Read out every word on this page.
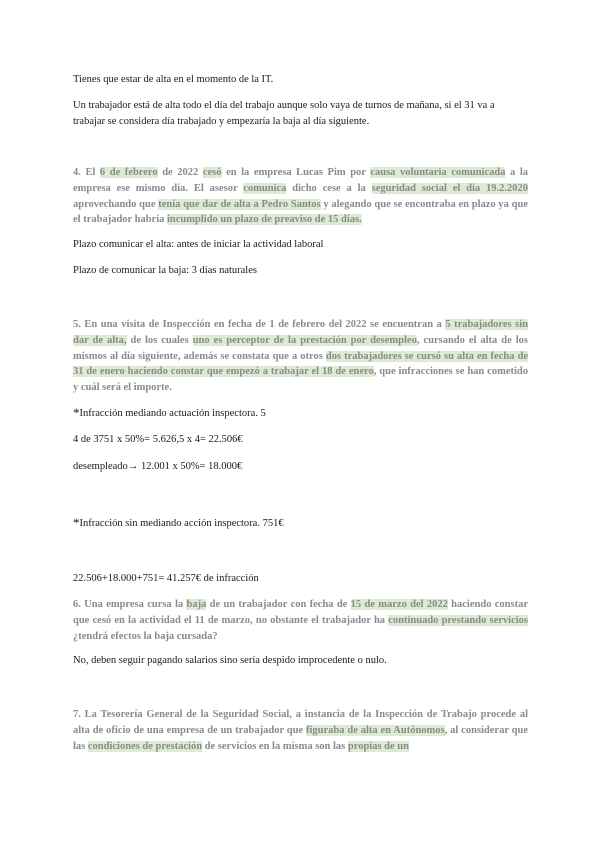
Tienes que estar de alta en el momento de la IT.

Un trabajador está de alta todo el día del trabajo aunque solo vaya de turnos de mañana, si el 31 va a trabajar se considera día trabajado y empezaría la baja al día siguiente.

4. El 6 de febrero de 2022 cesó en la empresa Lucas Pim por causa voluntaria comunicada a la empresa ese mismo día. El asesor comunica dicho cese a la seguridad social el día 19.2.2020 aprovechando que tenía que dar de alta a Pedro Santos y alegando que se encontraba en plazo ya que el trabajador habría incumplido un plazo de preaviso de 15 días.

Plazo comunicar el alta: antes de iniciar la actividad laboral

Plazo de comunicar la baja: 3 días naturales

5. En una visita de Inspección en fecha de 1 de febrero del 2022 se encuentran a 5 trabajadores sin dar de alta, de los cuales uno es perceptor de la prestación por desempleo, cursando el alta de los mismos al día siguiente, además se constata que a otros dos trabajadores se cursó su alta en fecha de 31 de enero haciendo constar que empezó a trabajar el 18 de enero, que infracciones se han cometido y cuál será el importe.

*Infracción mediando actuación inspectora. 5

4 de 3751 x 50%= 5.626,5 x 4= 22.506€

desempleado→ 12.001 x 50%= 18.000€

*Infracción sin mediando acción inspectora. 751€

22.506+18.000+751= 41.257€ de infracción

6. Una empresa cursa la baja de un trabajador con fecha de 15 de marzo del 2022 haciendo constar que cesó en la actividad el 11 de marzo, no obstante el trabajador ha continuado prestando servicios ¿tendrá efectos la baja cursada?

No, deben seguir pagando salarios sino sería despido improcedente o nulo.

7. La Tesorería General de la Seguridad Social, a instancia de la Inspección de Trabajo procede al alta de oficio de una empresa de un trabajador que figuraba de alta en Autónomos, al considerar que las condiciones de prestación de servicios en la misma son las propias de un
